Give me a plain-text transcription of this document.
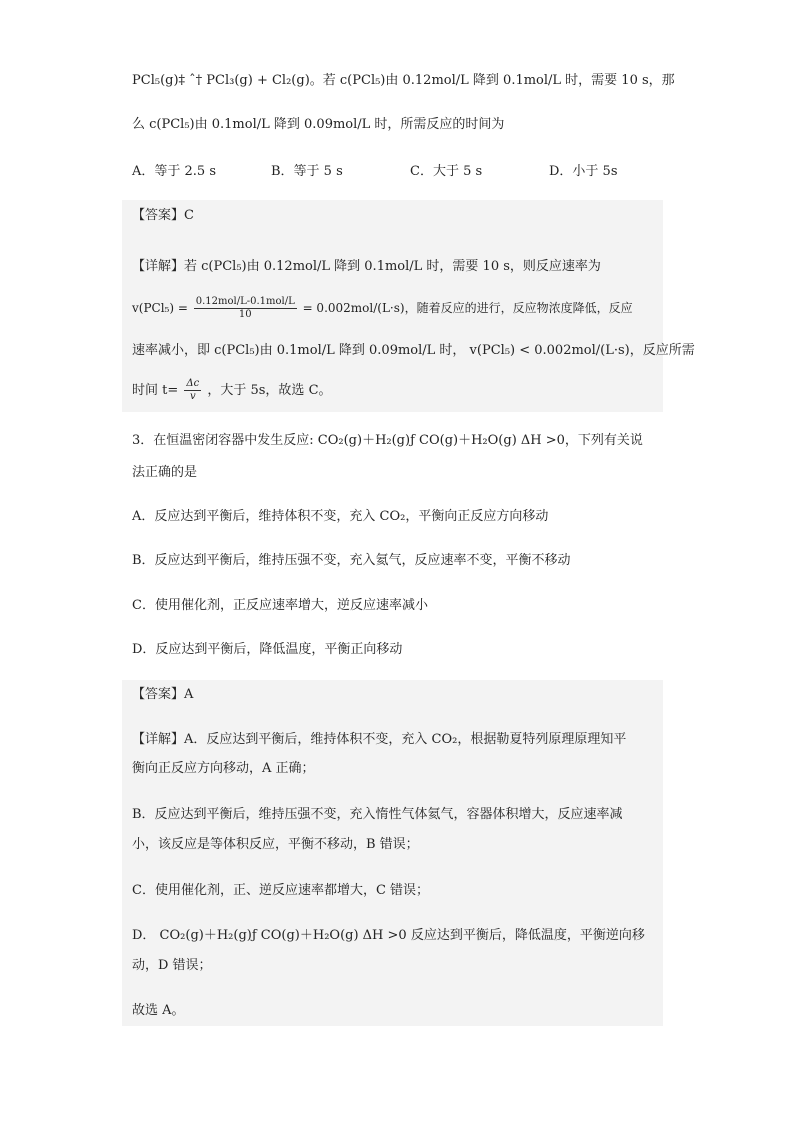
PCl₅(g)‡ ˆ† PCl₃(g) + Cl₂(g)。若 c(PCl₅)由 0.12mol/L 降到 0.1mol/L 时，需要 10 s，那
么 c(PCl₅)由 0.1mol/L 降到 0.09mol/L 时，所需反应的时间为
A．等于 2.5 s	B．等于 5 s	C．大于 5 s	D．小于 5s
【答案】C
【详解】若 c(PCl₅)由 0.12mol/L 降到 0.1mol/L 时，需要 10 s，则反应速率为
$v(PCl_5) = \frac{\text{0.12mol/L-0.1mol/L}}{10} = 0.002mol/(L\cdot s)$，随着反应的进行，反应物浓度降低，反应
速率减小，即 c(PCl₅)由 0.1mol/L 降到 0.09mol/L 时， v(PCl₅) < 0.002mol/(L·s)，反应所需
时间 $t= \frac{\Delta c}{v}$ ，大于 5s，故选 C。
3．在恒温密闭容器中发生反应: CO₂(g)＋H₂(g)ƒ CO(g)＋H₂O(g) ΔH >0，下列有关说
法正确的是
A．反应达到平衡后，维持体积不变，充入 CO₂，平衡向正反应方向移动
B．反应达到平衡后，维持压强不变，充入氦气，反应速率不变，平衡不移动
C．使用催化剂，正反应速率增大，逆反应速率减小
D．反应达到平衡后，降低温度，平衡正向移动
【答案】A
【详解】A．反应达到平衡后，维持体积不变，充入 CO₂，根据勒夏特列原理原理知平
衡向正反应方向移动，A 正确；
B．反应达到平衡后，维持压强不变，充入惰性气体氦气，容器体积增大，反应速率减
小，该反应是等体积反应，平衡不移动，B 错误；
C．使用催化剂，正、逆反应速率都增大，C 错误；
D． CO₂(g)＋H₂(g)ƒ CO(g)＋H₂O(g) ΔH >0 反应达到平衡后，降低温度，平衡逆向移
动，D 错误；
故选 A。
